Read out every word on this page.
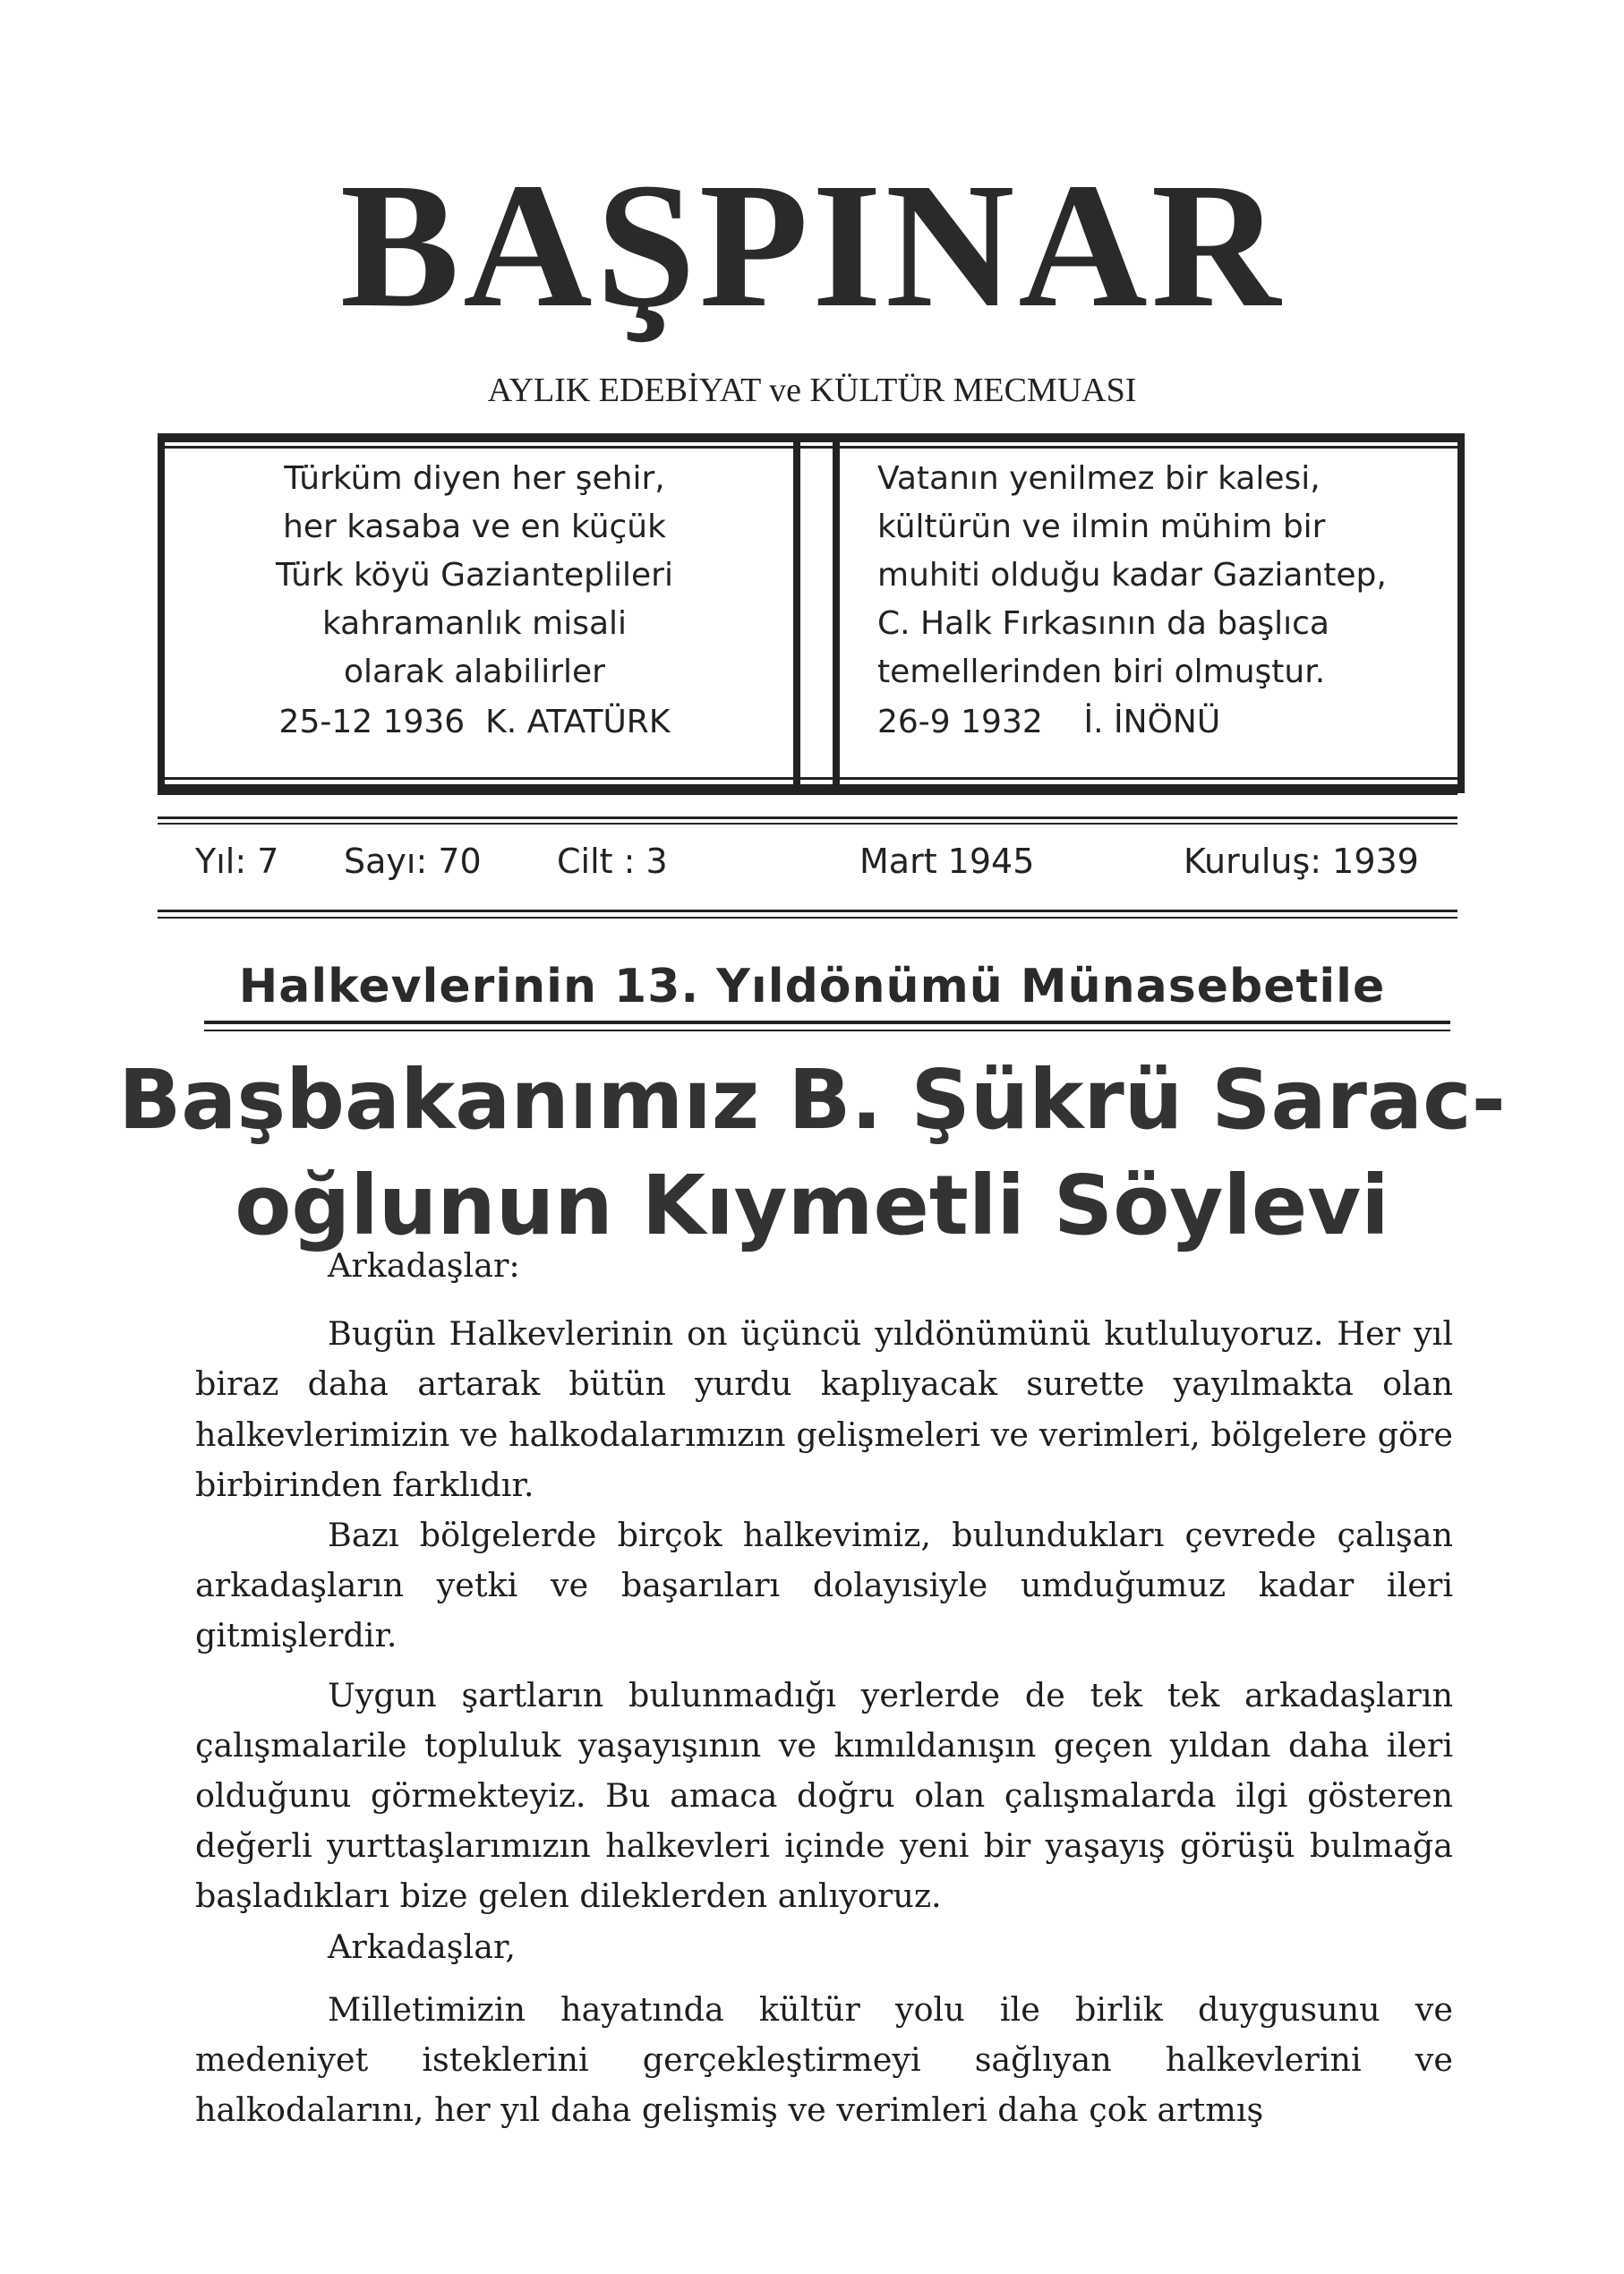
BAŞPINAR
AYLIK EDEBİYAT ve KÜLTÜR MECMUASI
Türküm diyen her şehir,
her kasaba ve en küçük
Türk köyü Gazianteplileri
kahramanlık misali
olarak alabilirler
25-12 1936 K. ATATÜRK
Vatanın yenilmez bir kalesi,
kültürün ve ilmin mühim bir
muhiti olduğu kadar Gaziantep,
C. Halk Fırkasının da başlıca
temellerinden biri olmuştur.
26-9 1932 İ. İNÖNÜ
Yıl: 7 Sayı: 70 Cilt : 3	Mart 1945	Kuruluş: 1939
Halkevlerinin 13. Yıldönümü Münasebetile
Başbakanımız B. Şükrü Sarac-
oğlunun Kıymetli Söylevi

Arkadaşlar:

Bugün Halkevlerinin on üçüncü yıldönümünü kutluluyoruz. Her yıl biraz daha artarak bütün yurdu kaplıyacak surette yayılmakta olan halkevlerimizin ve halkodalarımızın gelişmeleri ve verimleri, bölgelere göre birbirinden farklıdır.

Bazı bölgelerde birçok halkevimiz, bulundukları çevrede çalışan arkadaşların yetki ve başarıları dolayısiyle umduğumuz kadar ileri gitmişlerdir.

Uygun şartların bulunmadığı yerlerde de tek tek arkadaşların çalışmalarile topluluk yaşayışının ve kımıldanışın geçen yıldan daha ileri olduğunu görmekteyiz. Bu amaca doğru olan çalışmalarda ilgi gösteren değerli yurttaşlarımızın halkevleri içinde yeni bir yaşayış görüşü bulmağa başladıkları bize gelen dileklerden anlıyoruz.

Arkadaşlar,

Milletimizin hayatında kültür yolu ile birlik duygusunu ve medeniyet isteklerini gerçekleştirmeyi sağlıyan halkevlerini ve halkodalarını, her yıl daha gelişmiş ve verimleri daha çok artmış
